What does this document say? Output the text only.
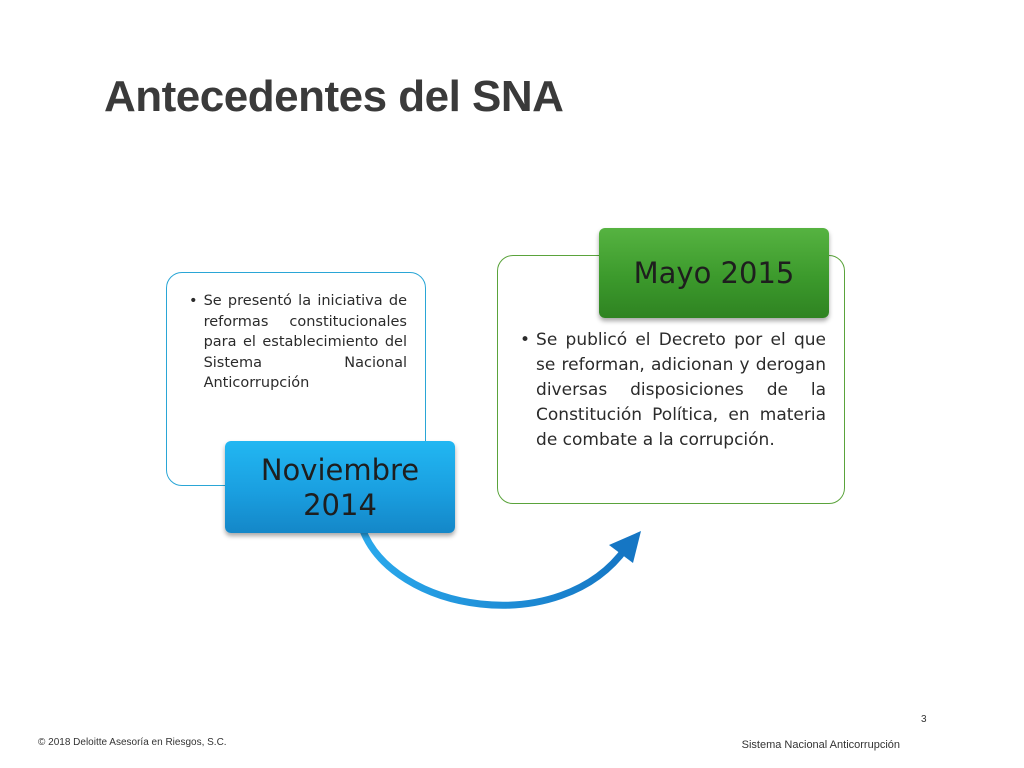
Antecedentes del SNA
• Se presentó la iniciativa de reformas constitucionales para el establecimiento del Sistema Nacional Anticorrupción
• Se publicó el Decreto por el que se reforman, adicionan y derogan diversas disposiciones de la Constitución Política, en materia de combate a la corrupción.
Noviembre 2014
Mayo 2015
3
© 2018 Deloitte Asesoría en Riesgos, S.C.	Sistema Nacional Anticorrupción
